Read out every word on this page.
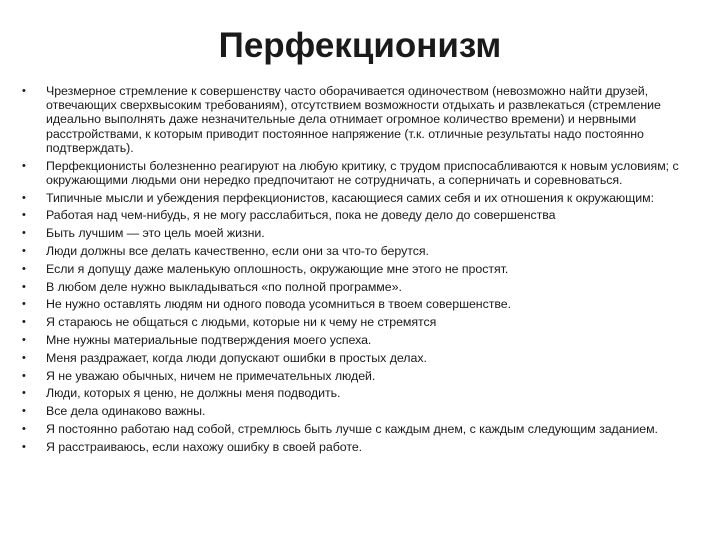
Перфекционизм
• Чрезмерное стремление к совершенству часто оборачивается одиночеством (невозможно найти друзей, отвечающих сверхвысоким требованиям), отсутствием возможности отдыхать и развлекаться (стремление идеально выполнять даже незначительные дела отнимает огромное количество времени) и нервными расстройствами, к которым приводит постоянное напряжение (т.к. отличные результаты надо постоянно подтверждать).
• Перфекционисты болезненно реагируют на любую критику, с трудом приспосабливаются к новым условиям; с окружающими людьми они нередко предпочитают не сотрудничать, а соперничать и соревноваться.
• Типичные мысли и убеждения перфекционистов, касающиеся самих себя и их отношения к окружающим:
• Работая над чем-нибудь, я не могу расслабиться, пока не доведу дело до совершенства
• Быть лучшим — это цель моей жизни.
• Люди должны все делать качественно, если они за что-то берутся.
• Если я допущу даже маленькую оплошность, окружающие мне этого не простят.
• В любом деле нужно выкладываться «по полной программе».
• Не нужно оставлять людям ни одного повода усомниться в твоем совершенстве.
• Я стараюсь не общаться с людьми, которые ни к чему не стремятся
• Мне нужны материальные подтверждения моего успеха.
• Меня раздражает, когда люди допускают ошибки в простых делах.
• Я не уважаю обычных, ничем не примечательных людей.
• Люди, которых я ценю, не должны меня подводить.
• Все дела одинаково важны.
• Я постоянно работаю над собой, стремлюсь быть лучше с каждым днем, с каждым следующим заданием.
• Я расстраиваюсь, если нахожу ошибку в своей работе.
